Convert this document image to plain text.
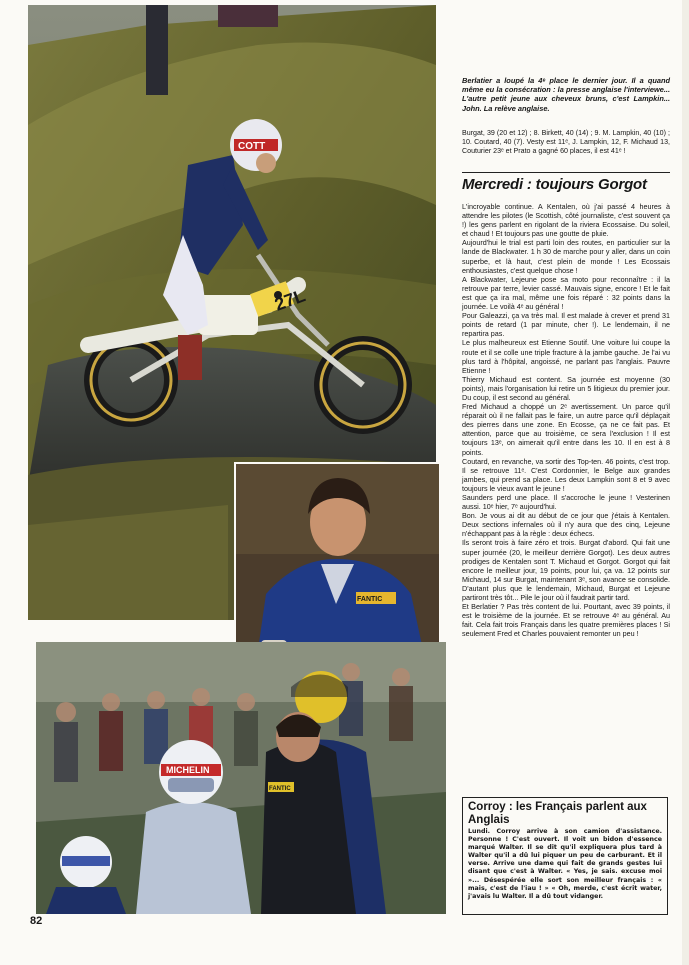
27L
COTT
FANTIC
MICHELIN
FANTIC
Berlatier a loupé la 4ᵉ place le dernier jour. Il a quand même eu la consécration : la presse anglaise l'interviewe... L'autre petit jeune aux cheveux bruns, c'est Lampkin... John. La relève anglaise.
Burgat, 39 (20 et 12) ; 8. Birkett, 40 (14) ; 9. M. Lampkin, 40 (10) ; 10. Coutard, 40 (7). Vesty est 11ᵉ, J. Lampkin, 12, F. Michaud 13, Couturier 23ᵉ et Prato a gagné 60 places, il est 41ᵉ !
Mercredi : toujours Gorgot

L'incroyable continue. A Kentalen, où j'ai passé 4 heures à attendre les pilotes (le Scottish, côté journaliste, c'est souvent ça !) les gens parlent en rigolant de la riviera Ecossaise. Du soleil, et chaud ! Et toujours pas une goutte de pluie.

Aujourd'hui le trial est parti loin des routes, en particulier sur la lande de Blackwater. 1 h 30 de marche pour y aller, dans un coin superbe, et là haut, c'est plein de monde ! Les Ecossais enthousiastes, c'est quelque chose !

A Blackwater, Lejeune pose sa moto pour reconnaître : il la retrouve par terre, levier cassé. Mauvais signe, encore ! Et le fait est que ça ira mal, même une fois réparé : 32 points dans la journée. Le voilà 4ᵉ au général !

Pour Galeazzi, ça va très mal. Il est malade à crever et prend 31 points de retard (1 par minute, cher !). Le lendemain, il ne repartira pas.

Le plus malheureux est Etienne Soutif. Une voiture lui coupe la route et il se colle une triple fracture à la jambe gauche. Je l'ai vu plus tard à l'hôpital, angoissé, ne parlant pas l'anglais. Pauvre Etienne !

Thierry Michaud est content. Sa journée est moyenne (30 points), mais l'organisation lui retire un 5 litigieux du premier jour. Du coup, il est second au général.

Fred Michaud a choppé un 2ᵉ avertissement. Un parce qu'il réparait où il ne fallait pas le faire, un autre parce qu'il déplaçait des pierres dans une zone. En Ecosse, ça ne ce fait pas. Et attention, parce que au troisième, ce sera l'exclusion ! Il est toujours 13ᵉ, on aimerait qu'il entre dans les 10. Il en est à 8 points.

Coutard, en revanche, va sortir des Top-ten. 46 points, c'est trop. Il se retrouve 11ᵉ. C'est Cordonnier, le Belge aux grandes jambes, qui prend sa place. Les deux Lampkin sont 8 et 9 avec toujours le vieux avant le jeune !

Saunders perd une place. Il s'accroche le jeune ! Vesterinen aussi. 10ᵉ hier, 7ᵉ aujourd'hui.

Bon. Je vous ai dit au début de ce jour que j'étais à Kentalen. Deux sections infernales où il n'y aura que des cinq, Lejeune n'échappant pas à la règle : deux échecs.

Ils seront trois à faire zéro et trois. Burgat d'abord. Qui fait une super journée (20, le meilleur derrière Gorgot). Les deux autres prodiges de Kentalen sont T. Michaud et Gorgot. Gorgot qui fait encore le meilleur jour, 19 points, pour lui, ça va. 12 points sur Michaud, 14 sur Burgat, maintenant 3ᵉ, son avance se consolide. D'autant plus que le lendemain, Michaud, Burgat et Lejeune partiront très tôt... Pile le jour où il faudrait partir tard.

Et Berlatier ? Pas très content de lui. Pourtant, avec 39 points, il est le troisième de la journée. Et se retrouve 4ᵉ au général. Au fait. Cela fait trois Français dans les quatre premières places ! Si seulement Fred et Charles pouvaient remonter un peu !

Corroy : les Français parlent aux Anglais
Lundi. Corroy arrive à son camion d'assistance. Personne ! C'est ouvert. Il voit un bidon d'essence marqué Walter. Il se dit qu'il expliquera plus tard à Walter qu'il a dû lui piquer un peu de carburant. Et il verse. Arrive une dame qui fait de grands gestes lui disant que c'est à Walter. « Yes, je sais. excuse moi »... Désespérée elle sort son meilleur français : « mais, c'est de l'iau ! » « Oh, merde, c'est écrit water, j'avais lu Walter. Il a dû tout vidanger.
82
